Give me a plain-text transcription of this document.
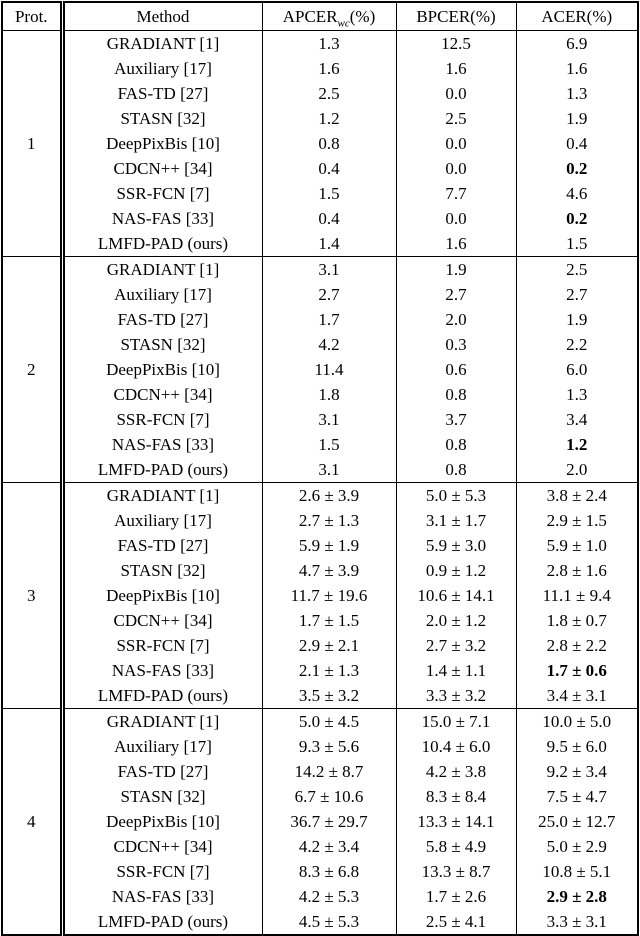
Prot.	Method	$APCER_{wc}(\%)$	BPCER(%)	ACER(%)
1	GRADIANT [1]	1.3	12.5	6.9
	Auxiliary [17]	1.6	1.6	1.6
	FAS-TD [27]	2.5	0.0	1.3
	STASN [32]	1.2	2.5	1.9
	DeepPixBis [10]	0.8	0.0	0.4
	CDCN++ [34]	0.4	0.0	0.2
	SSR-FCN [7]	1.5	7.7	4.6
	NAS-FAS [33]	0.4	0.0	0.2
	LMFD-PAD (ours)	1.4	1.6	1.5
2	GRADIANT [1]	3.1	1.9	2.5
	Auxiliary [17]	2.7	2.7	2.7
	FAS-TD [27]	1.7	2.0	1.9
	STASN [32]	4.2	0.3	2.2
	DeepPixBis [10]	11.4	0.6	6.0
	CDCN++ [34]	1.8	0.8	1.3
	SSR-FCN [7]	3.1	3.7	3.4
	NAS-FAS [33]	1.5	0.8	1.2
	LMFD-PAD (ours)	3.1	0.8	2.0
3	GRADIANT [1]	2.6 ± 3.9	5.0 ± 5.3	3.8 ± 2.4
	Auxiliary [17]	2.7 ± 1.3	3.1 ± 1.7	2.9 ± 1.5
	FAS-TD [27]	5.9 ± 1.9	5.9 ± 3.0	5.9 ± 1.0
	STASN [32]	4.7 ± 3.9	0.9 ± 1.2	2.8 ± 1.6
	DeepPixBis [10]	11.7 ± 19.6	10.6 ± 14.1	11.1 ± 9.4
	CDCN++ [34]	1.7 ± 1.5	2.0 ± 1.2	1.8 ± 0.7
	SSR-FCN [7]	2.9 ± 2.1	2.7 ± 3.2	2.8 ± 2.2
	NAS-FAS [33]	2.1 ± 1.3	1.4 ± 1.1	1.7 ± 0.6
	LMFD-PAD (ours)	3.5 ± 3.2	3.3 ± 3.2	3.4 ± 3.1
4	GRADIANT [1]	5.0 ± 4.5	15.0 ± 7.1	10.0 ± 5.0
	Auxiliary [17]	9.3 ± 5.6	10.4 ± 6.0	9.5 ± 6.0
	FAS-TD [27]	14.2 ± 8.7	4.2 ± 3.8	9.2 ± 3.4
	STASN [32]	6.7 ± 10.6	8.3 ± 8.4	7.5 ± 4.7
	DeepPixBis [10]	36.7 ± 29.7	13.3 ± 14.1	25.0 ± 12.7
	CDCN++ [34]	4.2 ± 3.4	5.8 ± 4.9	5.0 ± 2.9
	SSR-FCN [7]	8.3 ± 6.8	13.3 ± 8.7	10.8 ± 5.1
	NAS-FAS [33]	4.2 ± 5.3	1.7 ± 2.6	2.9 ± 2.8
	LMFD-PAD (ours)	4.5 ± 5.3	2.5 ± 4.1	3.3 ± 3.1
